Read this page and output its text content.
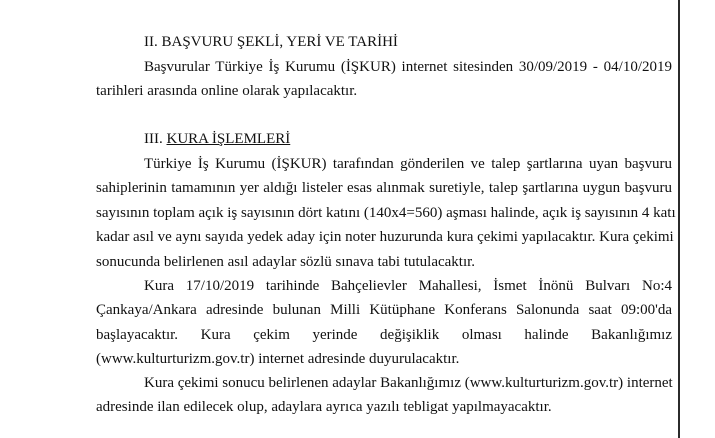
II. BAŞVURU ŞEKLİ, YERİ VE TARİHİ
Başvurular Türkiye İş Kurumu (İŞKUR) internet sitesinden 30/09/2019 - 04/10/2019
tarihleri arasında online olarak yapılacaktır.
III. KURA İŞLEMLERİ
Türkiye İş Kurumu (İŞKUR) tarafından gönderilen ve talep şartlarına uyan başvuru
sahiplerinin tamamının yer aldığı listeler esas alınmak suretiyle, talep şartlarına uygun başvuru
sayısının toplam açık iş sayısının dört katını (140x4=560) aşması halinde, açık iş sayısının 4 katı
kadar asıl ve aynı sayıda yedek aday için noter huzurunda kura çekimi yapılacaktır. Kura çekimi
sonucunda belirlenen asıl adaylar sözlü sınava tabi tutulacaktır.
Kura 17/10/2019 tarihinde Bahçelievler Mahallesi, İsmet İnönü Bulvarı No:4
Çankaya/Ankara adresinde bulunan Milli Kütüphane Konferans Salonunda saat 09:00'da
başlayacaktır. Kura çekim yerinde değişiklik olması halinde Bakanlığımız
(www.kulturturizm.gov.tr) internet adresinde duyurulacaktır.
Kura çekimi sonucu belirlenen adaylar Bakanlığımız (www.kulturturizm.gov.tr) internet
adresinde ilan edilecek olup, adaylara ayrıca yazılı tebligat yapılmayacaktır.
